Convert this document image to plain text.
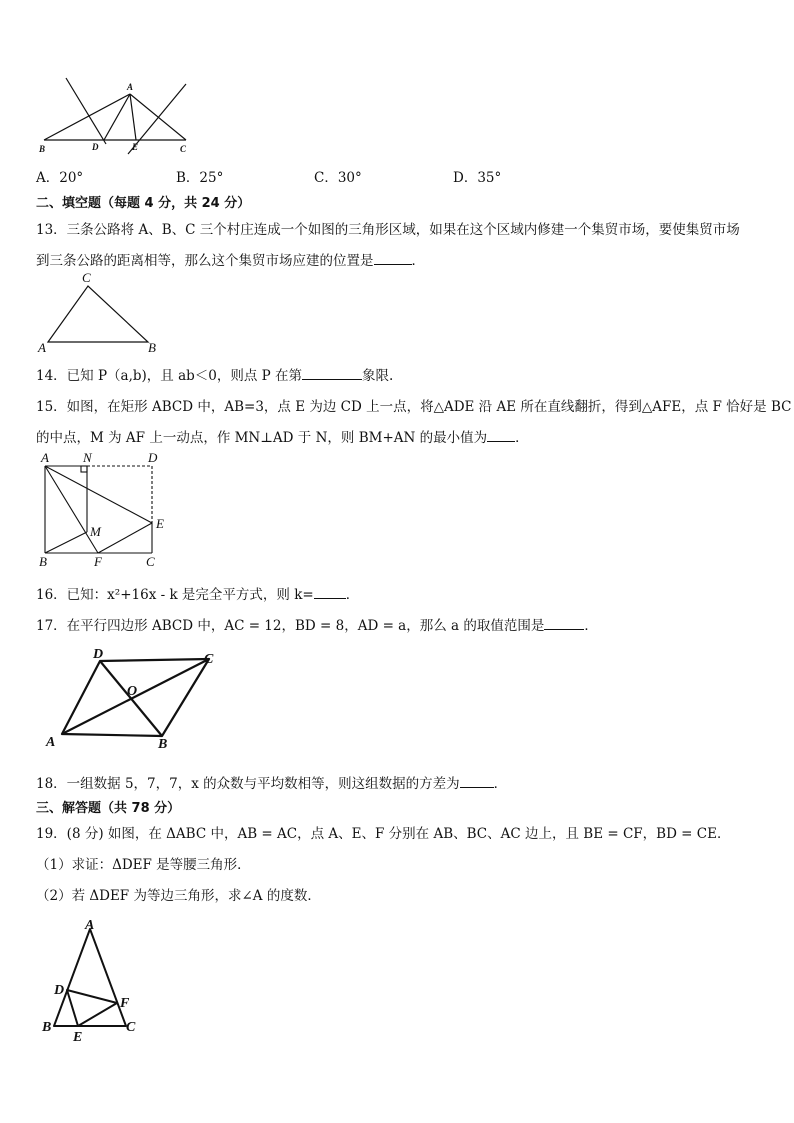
A
B	D	E	C
A．20°	B．25°	C．30°	D．35°
二、填空题（每题 4 分，共 24 分）
13．三条公路将 A、B、C 三个村庄连成一个如图的三角形区域，如果在这个区域内修建一个集贸市场，要使集贸市场
到三条公路的距离相等，那么这个集贸市场应建的位置是	．
C
A	B
14．已知 P（a,b)，且 ab＜0，则点 P 在第	象限.
15．如图，在矩形 ABCD 中，AB=3，点 E 为边 CD 上一点，将△ADE 沿 AE 所在直线翻折，得到△AFE，点 F 恰好是 BC
的中点，M 为 AF 上一动点，作 MN⊥AD 于 N，则 BM+AN 的最小值为 ．
A	N	D
E
M
B	F	C
16．已知：x²+16x - k 是完全平方式，则 k= ．
17．在平行四边形 ABCD 中，AC = 12，BD = 8，AD = a，那么 a 的取值范围是	．
D	C
O
A	B
18．一组数据 5，7，7，x 的众数与平均数相等，则这组数据的方差为	．
三、解答题（共 78 分）
19．(8 分) 如图，在 ΔABC 中，AB = AC，点 A、E、F 分别在 AB、BC、AC 边上，且 BE = CF，BD = CE．
（1）求证：ΔDEF 是等腰三角形．
（2）若 ΔDEF 为等边三角形，求∠A 的度数．
A
D
F
B	C
E
